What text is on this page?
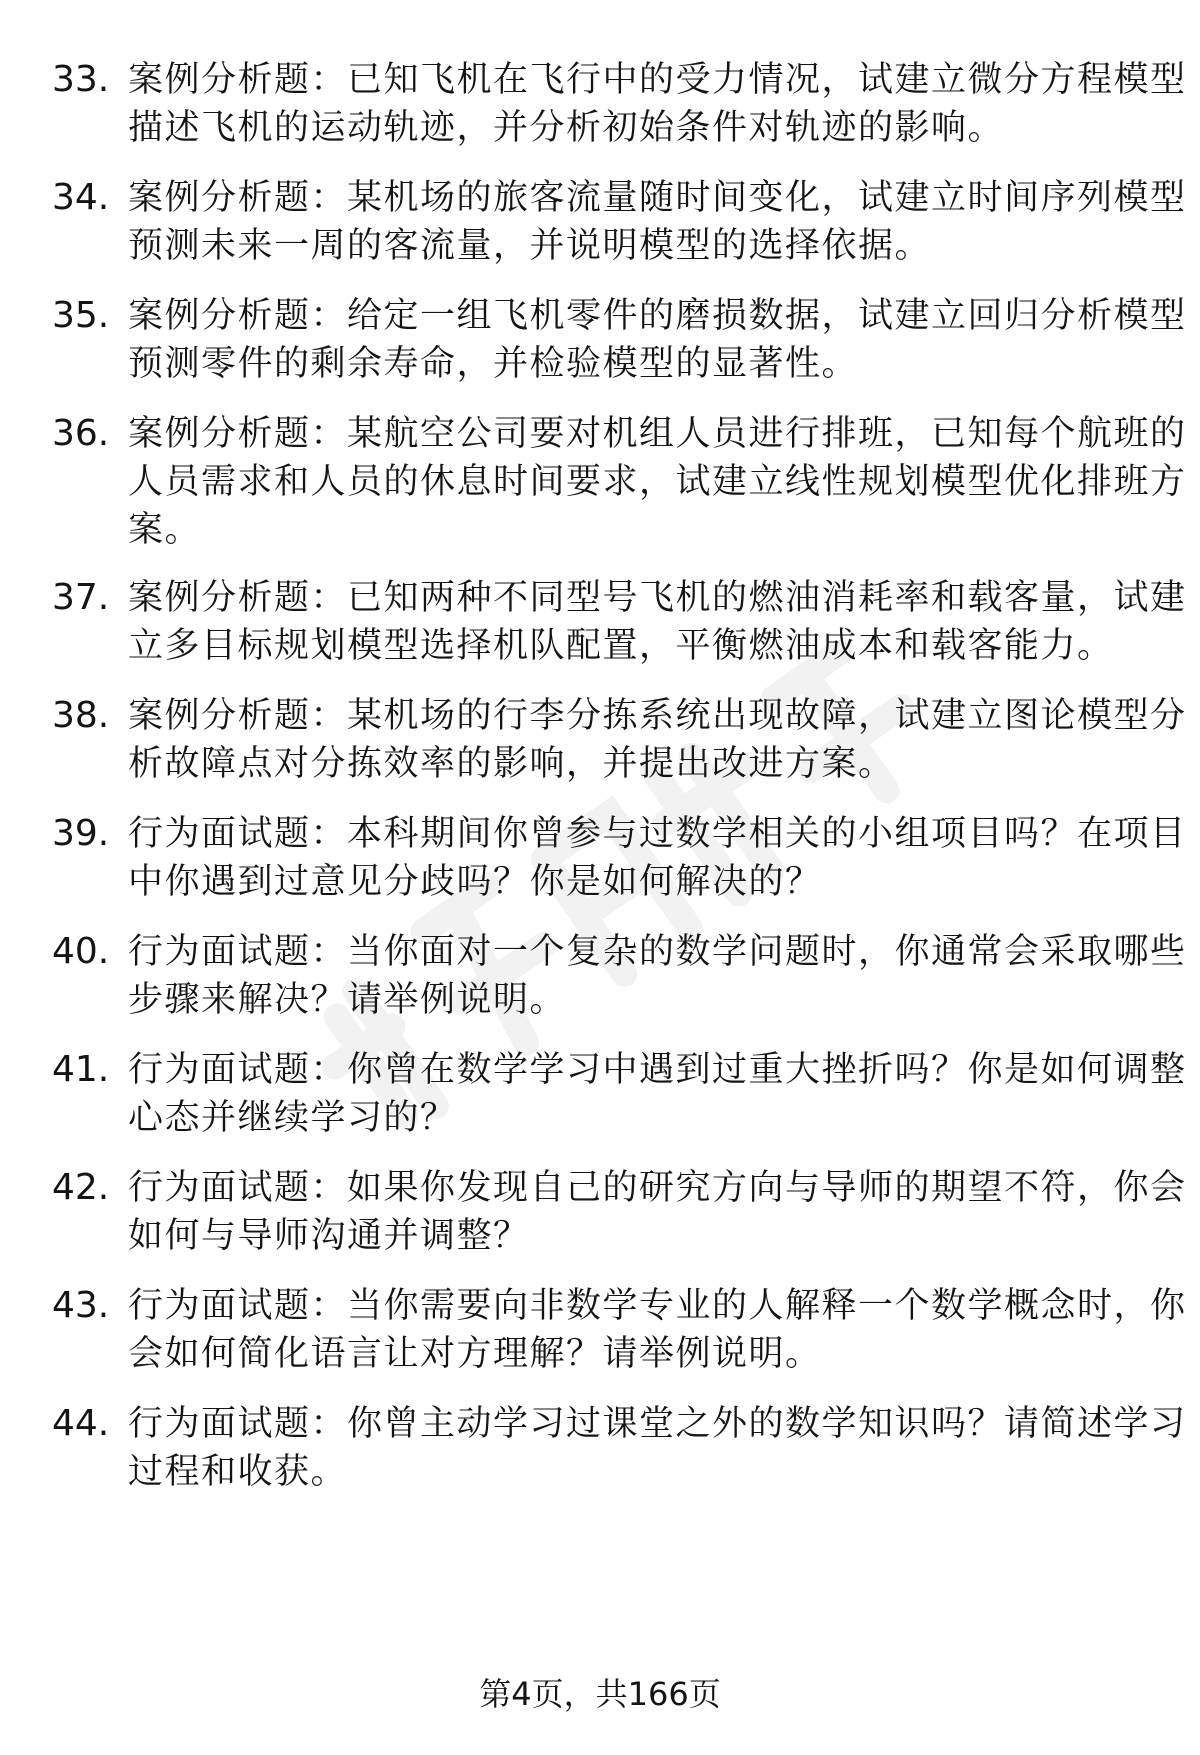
33. 案例分析题：已知飞机在飞行中的受力情况，试建立微分方程模型描述飞机的运动轨迹，并分析初始条件对轨迹的影响。
34. 案例分析题：某机场的旅客流量随时间变化，试建立时间序列模型预测未来一周的客流量，并说明模型的选择依据。
35. 案例分析题：给定一组飞机零件的磨损数据，试建立回归分析模型预测零件的剩余寿命，并检验模型的显著性。
36. 案例分析题：某航空公司要对机组人员进行排班，已知每个航班的人员需求和人员的休息时间要求，试建立线性规划模型优化排班方案。
37. 案例分析题：已知两种不同型号飞机的燃油消耗率和载客量，试建立多目标规划模型选择机队配置，平衡燃油成本和载客能力。
38. 案例分析题：某机场的行李分拣系统出现故障，试建立图论模型分析故障点对分拣效率的影响，并提出改进方案。
39. 行为面试题：本科期间你曾参与过数学相关的小组项目吗？在项目中你遇到过意见分歧吗？你是如何解决的？
40. 行为面试题：当你面对一个复杂的数学问题时，你通常会采取哪些步骤来解决？请举例说明。
41. 行为面试题：你曾在数学学习中遇到过重大挫折吗？你是如何调整心态并继续学习的？
42. 行为面试题：如果你发现自己的研究方向与导师的期望不符，你会如何与导师沟通并调整？
43. 行为面试题：当你需要向非数学专业的人解释一个数学概念时，你会如何简化语言让对方理解？请举例说明。
44. 行为面试题：你曾主动学习过课堂之外的数学知识吗？请简述学习过程和收获。
第4页，共166页
